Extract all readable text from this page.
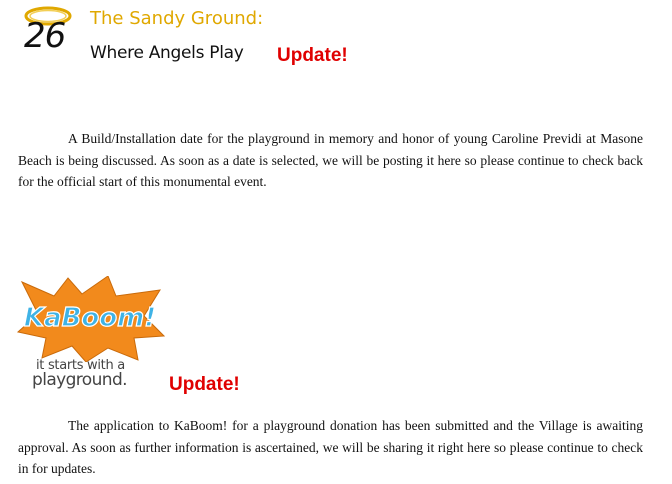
26 The Sandy Ground:
Where Angels Play Update!

A Build/Installation date for the playground in memory and honor of young Caroline Previdi at Masone Beach is being discussed. As soon as a date is selected, we will be posting it here so please continue to check back for the official start of this monumental event.

KaBoom!
®
it starts with a
playground. Update!

The application to KaBoom! for a playground donation has been submitted and the Village is awaiting approval. As soon as further information is ascertained, we will be sharing it right here so please continue to check in for updates.
